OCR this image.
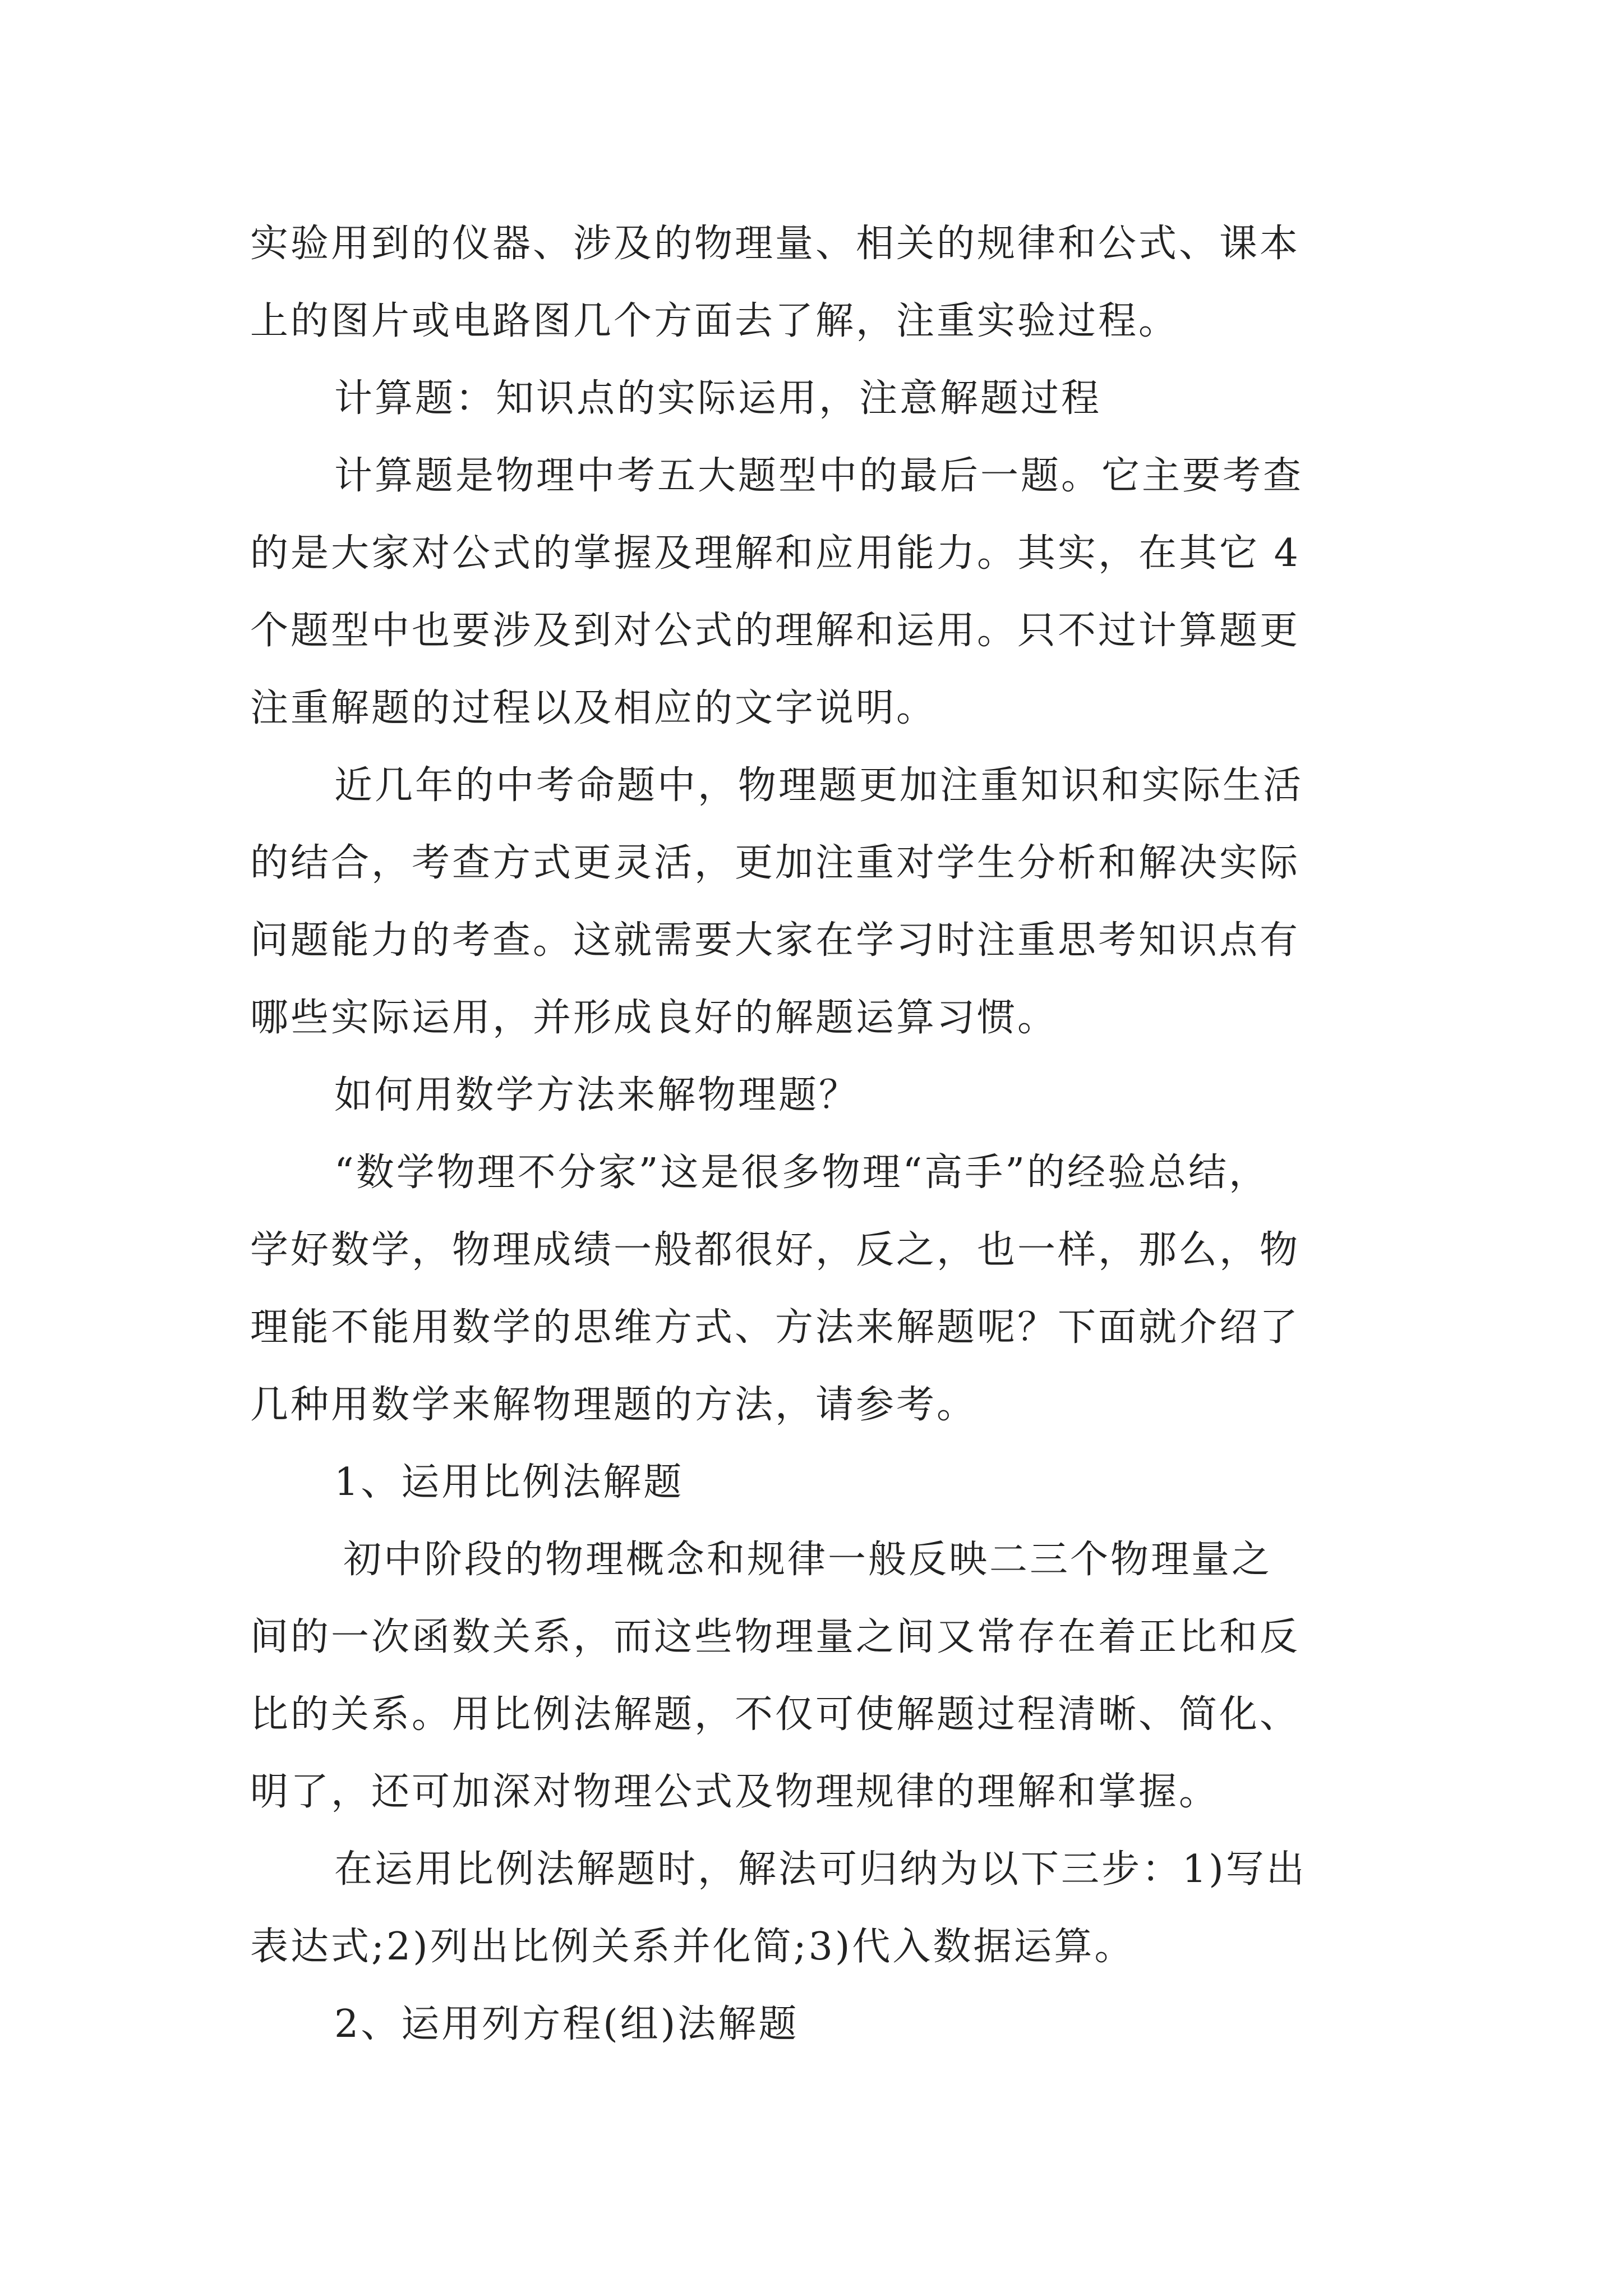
实验用到的仪器、涉及的物理量、相关的规律和公式、课本
上的图片或电路图几个方面去了解，注重实验过程。
计算题：知识点的实际运用，注意解题过程
计算题是物理中考五大题型中的最后一题。它主要考查
的是大家对公式的掌握及理解和应用能力。其实，在其它 4
个题型中也要涉及到对公式的理解和运用。只不过计算题更
注重解题的过程以及相应的文字说明。
近几年的中考命题中，物理题更加注重知识和实际生活
的结合，考查方式更灵活，更加注重对学生分析和解决实际
问题能力的考查。这就需要大家在学习时注重思考知识点有
哪些实际运用，并形成良好的解题运算习惯。
如何用数学方法来解物理题？
“数学物理不分家”这是很多物理“高手”的经验总结，
学好数学，物理成绩一般都很好，反之，也一样，那么，物
理能不能用数学的思维方式、方法来解题呢？下面就介绍了
几种用数学来解物理题的方法，请参考。
1、运用比例法解题
初中阶段的物理概念和规律一般反映二三个物理量之
间的一次函数关系，而这些物理量之间又常存在着正比和反
比的关系。用比例法解题，不仅可使解题过程清晰、简化、
明了，还可加深对物理公式及物理规律的理解和掌握。
在运用比例法解题时，解法可归纳为以下三步：1)写出
表达式;2)列出比例关系并化简;3)代入数据运算。
2、运用列方程(组)法解题
